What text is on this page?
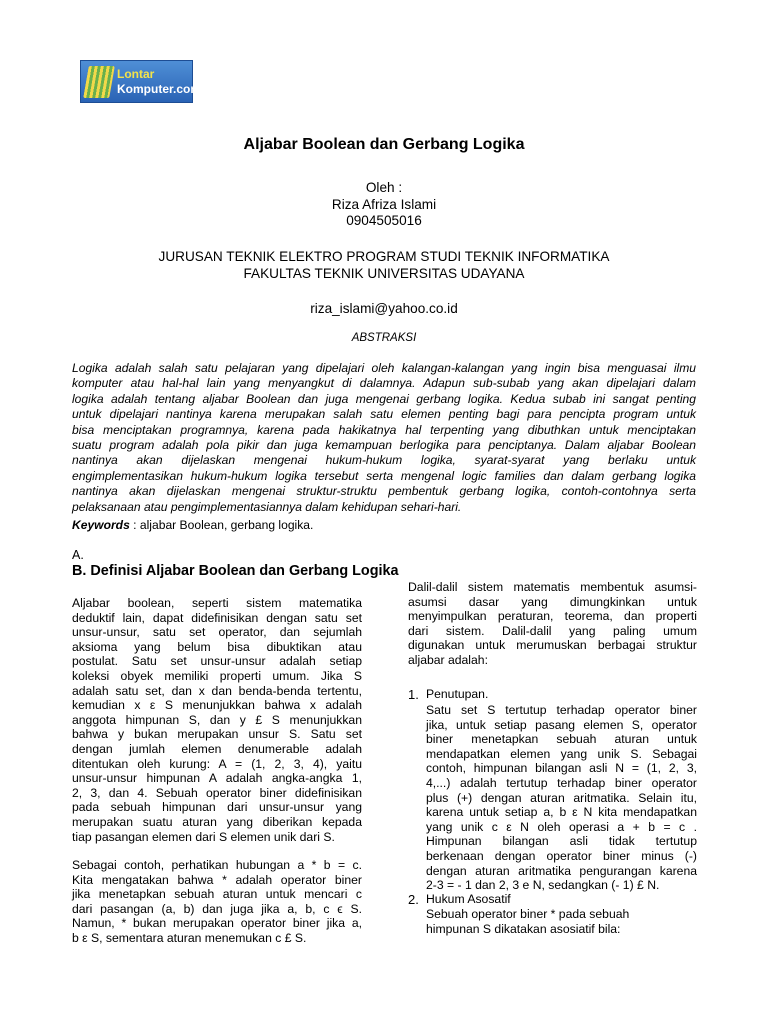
Lontar
Komputer.com
Aljabar Boolean dan Gerbang Logika
Oleh :
Riza Afriza Islami
0904505016
JURUSAN TEKNIK ELEKTRO PROGRAM STUDI TEKNIK INFORMATIKA
FAKULTAS TEKNIK UNIVERSITAS UDAYANA
riza_islami@yahoo.co.id
ABSTRAKSI
Logika adalah salah satu pelajaran yang dipelajari oleh kalangan-kalangan yang ingin bisa menguasai ilmu
komputer atau hal-hal lain yang menyangkut di dalamnya. Adapun sub-subab yang akan dipelajari dalam
logika adalah tentang aljabar Boolean dan juga mengenai gerbang logika. Kedua subab ini sangat penting
untuk dipelajari nantinya karena merupakan salah satu elemen penting bagi para pencipta program untuk
bisa menciptakan programnya, karena pada hakikatnya hal terpenting yang dibuthkan untuk menciptakan
suatu program adalah pola pikir dan juga kemampuan berlogika para penciptanya. Dalam aljabar Boolean
nantinya akan dijelaskan mengenai hukum-hukum logika, syarat-syarat yang berlaku untuk
engimplementasikan hukum-hukum logika tersebut serta mengenal logic families dan dalam gerbang logika
nantinya akan dijelaskan mengenai struktur-struktu pembentuk gerbang logika, contoh-contohnya serta
pelaksanaan atau pengimplementasiannya dalam kehidupan sehari-hari.
Keywords : aljabar Boolean, gerbang logika.
A.
B. Definisi Aljabar Boolean dan Gerbang Logika
Aljabar boolean, seperti sistem matematika
deduktif lain, dapat didefinisikan dengan satu set
unsur-unsur, satu set operator, dan sejumlah
aksioma yang belum bisa dibuktikan atau
postulat. Satu set unsur-unsur adalah setiap
koleksi obyek memiliki properti umum. Jika S
adalah satu set, dan x dan benda-benda tertentu,
kemudian x ε S menunjukkan bahwa x adalah
anggota himpunan S, dan y £ S menunjukkan
bahwa y bukan merupakan unsur S. Satu set
dengan jumlah elemen denumerable adalah
ditentukan oleh kurung: A = (1, 2, 3, 4), yaitu
unsur-unsur himpunan A adalah angka-angka 1,
2, 3, dan 4. Sebuah operator biner didefinisikan
pada sebuah himpunan dari unsur-unsur yang
merupakan suatu aturan yang diberikan kepada
tiap pasangan elemen dari S elemen unik dari S.
Sebagai contoh, perhatikan hubungan a * b = c.
Kita mengatakan bahwa * adalah operator biner
jika menetapkan sebuah aturan untuk mencari c
dari pasangan (a, b) dan juga jika a, b, c ϵ S.
Namun, * bukan merupakan operator biner jika a,
b ε S, sementara aturan menemukan c £ S.
Dalil-dalil sistem matematis membentuk asumsi-
asumsi dasar yang dimungkinkan untuk
menyimpulkan peraturan, teorema, dan properti
dari sistem. Dalil-dalil yang paling umum
digunakan untuk merumuskan berbagai struktur
aljabar adalah:
1. Penutupan.
Satu set S tertutup terhadap operator biner
jika, untuk setiap pasang elemen S, operator
biner menetapkan sebuah aturan untuk
mendapatkan elemen yang unik S. Sebagai
contoh, himpunan bilangan asli N = (1, 2, 3,
4,...) adalah tertutup terhadap biner operator
plus (+) dengan aturan aritmatika. Selain itu,
karena untuk setiap a, b ε N kita mendapatkan
yang unik c ε N oleh operasi a + b = c .
Himpunan bilangan asli tidak tertutup
berkenaan dengan operator biner minus (-)
dengan aturan aritmatika pengurangan karena
2-3 = - 1 dan 2, 3 e N, sedangkan (- 1) £ N.
2. Hukum Asosatif
Sebuah operator biner * pada sebuah
himpunan S dikatakan asosiatif bila:
